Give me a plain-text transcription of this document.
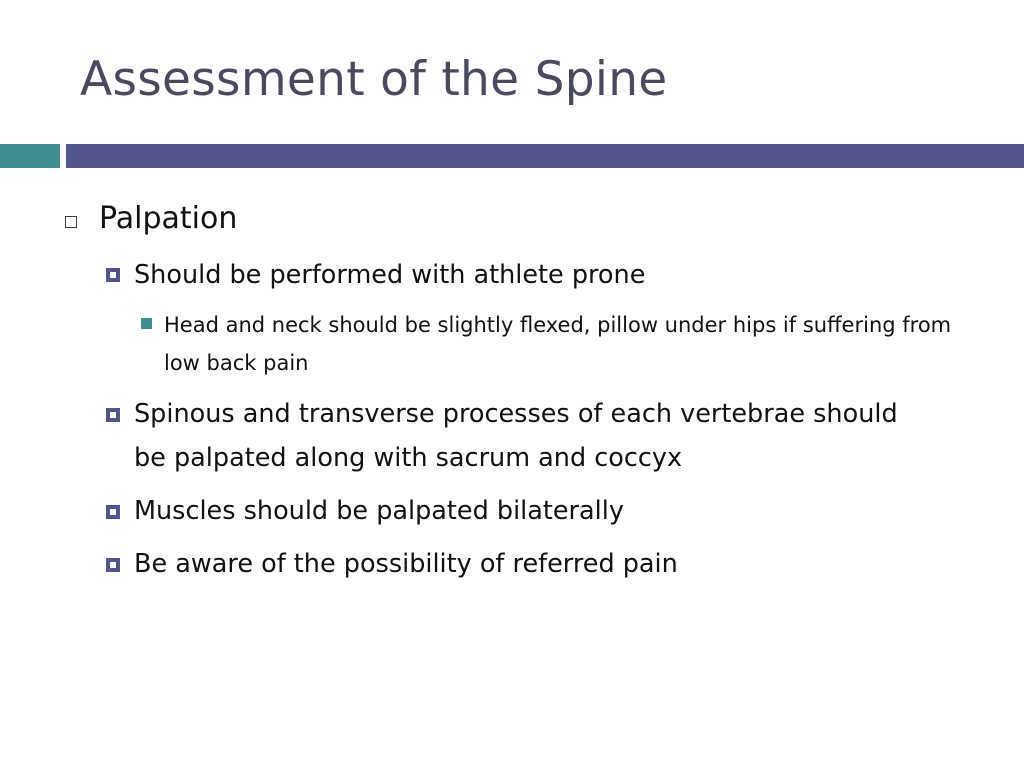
Assessment of the Spine
Palpation
Should be performed with athlete prone
Head and neck should be slightly flexed, pillow under hips if suffering from low back pain
Spinous and transverse processes of each vertebrae should be palpated along with sacrum and coccyx
Muscles should be palpated bilaterally
Be aware of the possibility of referred pain
